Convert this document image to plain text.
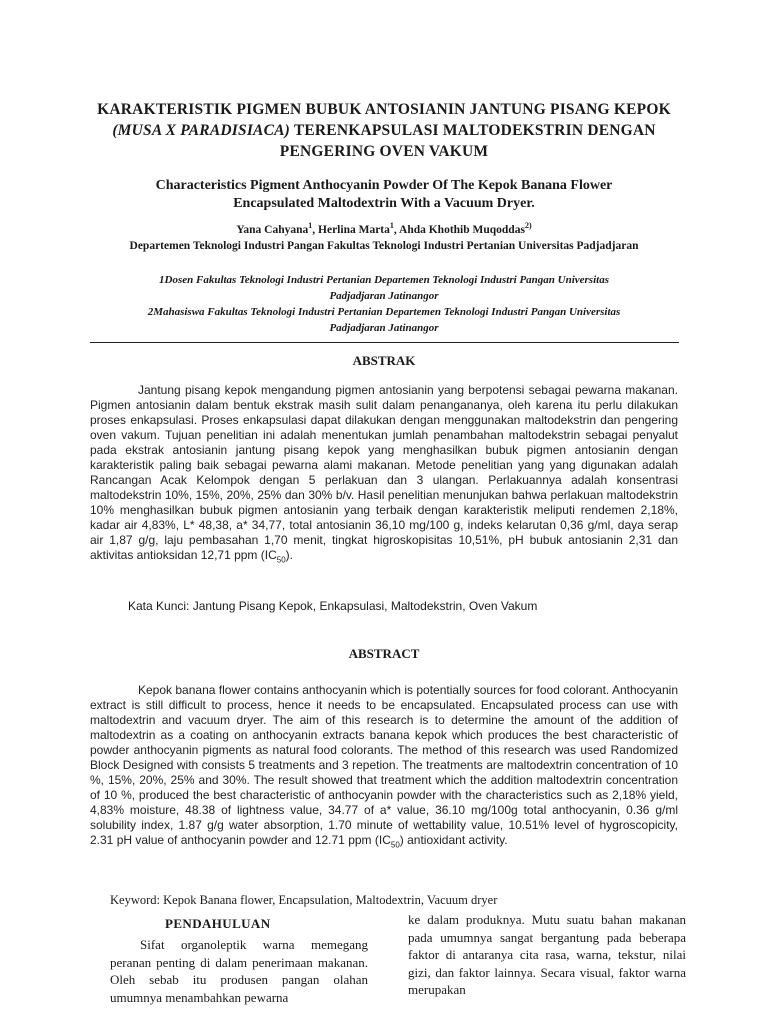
KARAKTERISTIK PIGMEN BUBUK ANTOSIANIN JANTUNG PISANG KEPOK
(MUSA X PARADISIACA) TERENKAPSULASI MALTODEKSTRIN DENGAN
PENGERING OVEN VAKUM
Characteristics Pigment Anthocyanin Powder Of The Kepok Banana Flower
Encapsulated Maltodextrin With a Vacuum Dryer.
Yana Cahyana$^1$, Herlina Marta$^1$, Ahda Khothib Muqoddas$^{2)}$
Departemen Teknologi Industri Pangan Fakultas Teknologi Industri Pertanian Universitas Padjadjaran
1Dosen Fakultas Teknologi Industri Pertanian Departemen Teknologi Industri Pangan Universitas
Padjadjaran Jatinangor
2Mahasiswa Fakultas Teknologi Industri Pertanian Departemen Teknologi Industri Pangan Universitas
Padjadjaran Jatinangor
ABSTRAK

Jantung pisang kepok mengandung pigmen antosianin yang berpotensi sebagai pewarna makanan. Pigmen antosianin dalam bentuk ekstrak masih sulit dalam penangananya, oleh karena itu perlu dilakukan proses enkapsulasi. Proses enkapsulasi dapat dilakukan dengan menggunakan maltodekstrin dan pengering oven vakum. Tujuan penelitian ini adalah menentukan jumlah penambahan maltodekstrin sebagai penyalut pada ekstrak antosianin jantung pisang kepok yang menghasilkan bubuk pigmen antosianin dengan karakteristik paling baik sebagai pewarna alami makanan. Metode penelitian yang yang digunakan adalah Rancangan Acak Kelompok dengan 5 perlakuan dan 3 ulangan. Perlakuannya adalah konsentrasi maltodekstrin 10%, 15%, 20%, 25% dan 30% b/v. Hasil penelitian menunjukan bahwa perlakuan maltodekstrin 10% menghasilkan bubuk pigmen antosianin yang terbaik dengan karakteristik meliputi rendemen 2,18%, kadar air 4,83%, L* 48,38, a* 34,77, total antosianin 36,10 mg/100 g, indeks kelarutan 0,36 g/ml, daya serap air 1,87 g/g, laju pembasahan 1,70 menit, tingkat higroskopisitas 10,51%, pH bubuk antosianin 2,31 dan aktivitas antioksidan 12,71 ppm $(IC_{50})$.

Kata Kunci: Jantung Pisang Kepok, Enkapsulasi, Maltodekstrin, Oven Vakum
ABSTRACT

Kepok banana flower contains anthocyanin which is potentially sources for food colorant. Anthocyanin extract is still difficult to process, hence it needs to be encapsulated. Encapsulated process can use with maltodextrin and vacuum dryer. The aim of this research is to determine the amount of the addition of maltodextrin as a coating on anthocyanin extracts banana kepok which produces the best characteristic of powder anthocyanin pigments as natural food colorants. The method of this research was used Randomized Block Designed with consists 5 treatments and 3 repetion. The treatments are maltodextrin concentration of 10 %, 15%, 20%, 25% and 30%. The result showed that treatment which the addition maltodextrin concentration of 10 %, produced the best characteristic of anthocyanin powder with the characteristics such as 2,18% yield, 4,83% moisture, 48.38 of lightness value, 34.77 of a* value, 36.10 mg/100g total anthocyanin, 0.36 g/ml solubility index, 1.87 g/g water absorption, 1.70 minute of wettability value, 10.51% level of hygroscopicity, 2.31 pH value of anthocyanin powder and 12.71 ppm $(IC_{50})$ antioxidant activity.

Keyword: Kepok Banana flower, Encapsulation, Maltodextrin, Vacuum dryer
PENDAHULUAN

Sifat organoleptik warna memegang peranan penting di dalam penerimaan makanan. Oleh sebab itu produsen pangan olahan umumnya menambahkan pewarna

ke dalam produknya. Mutu suatu bahan makanan pada umumnya sangat bergantung pada beberapa faktor di antaranya cita rasa, warna, tekstur, nilai gizi, dan faktor lainnya. Secara visual, faktor warna merupakan
